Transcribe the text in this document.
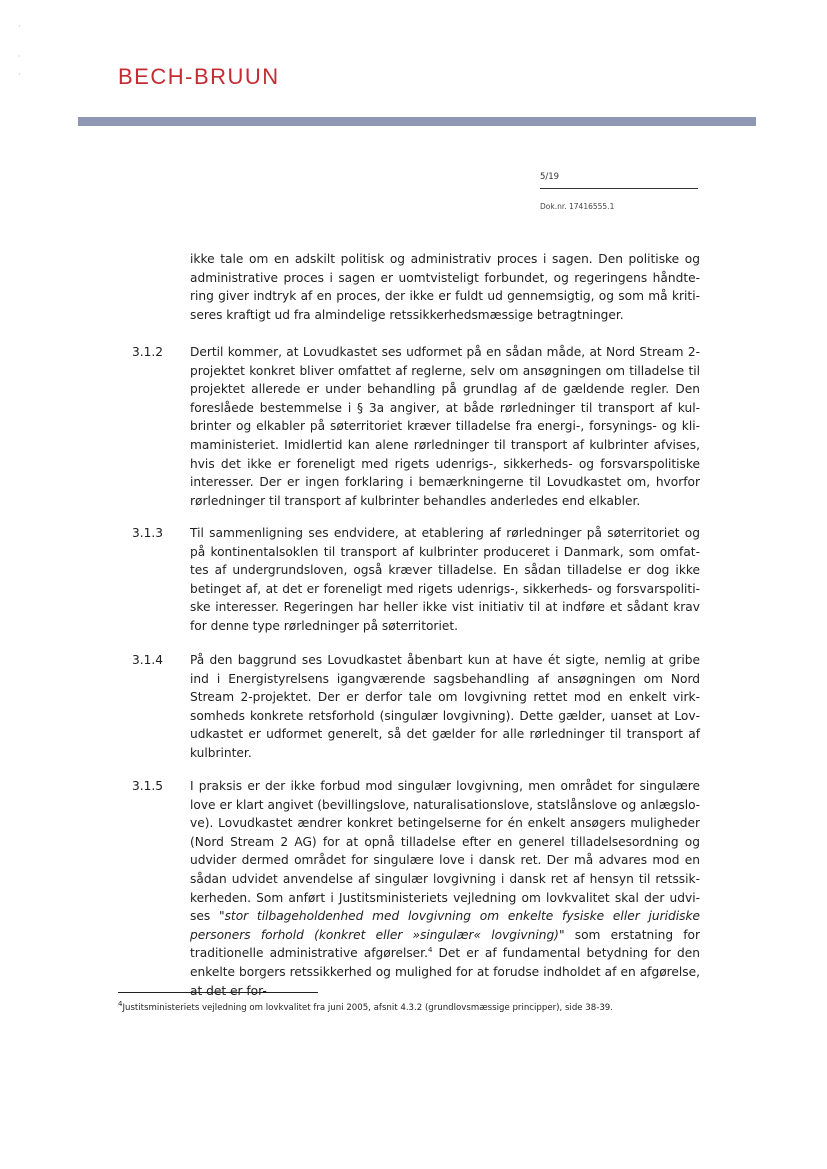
·
·
·	BECH-BRUUN
5/19
Dok.nr. 17416555.1

ikke tale om en adskilt politisk og administrativ proces i sagen. Den politiske og administrative proces i sagen er uomtvisteligt forbundet, og regeringens håndtering giver indtryk af en proces, der ikke er fuldt ud gennemsigtig, og som må kritiseres kraftigt ud fra almindelige retssikkerhedsmæssige betragtninger.

3.1.2 Dertil kommer, at Lovudkastet ses udformet på en sådan måde, at Nord Stream 2-projektet konkret bliver omfattet af reglerne, selv om ansøgningen om tilladelse til projektet allerede er under behandling på grundlag af de gældende regler. Den foreslåede bestemmelse i § 3a angiver, at både rørledninger til transport af kulbrinter og elkabler på søterritoriet kræver tilladelse fra energi-, forsynings- og klimaministeriet. Imidlertid kan alene rørledninger til transport af kulbrinter afvises, hvis det ikke er foreneligt med rigets udenrigs-, sikkerheds- og forsvarspolitiske interesser. Der er ingen forklaring i bemærkningerne til Lovudkastet om, hvorfor rørledninger til transport af kulbrinter behandles anderledes end elkabler.

3.1.3 Til sammenligning ses endvidere, at etablering af rørledninger på søterritoriet og på kontinentalsoklen til transport af kulbrinter produceret i Danmark, som omfattes af undergrundsloven, også kræver tilladelse. En sådan tilladelse er dog ikke betinget af, at det er foreneligt med rigets udenrigs-, sikkerheds- og forsvarspolitiske interesser. Regeringen har heller ikke vist initiativ til at indføre et sådant krav for denne type rørledninger på søterritoriet.

3.1.4 På den baggrund ses Lovudkastet åbenbart kun at have ét sigte, nemlig at gribe ind i Energistyrelsens igangværende sagsbehandling af ansøgningen om Nord Stream 2-projektet. Der er derfor tale om lovgivning rettet mod en enkelt virksomheds konkrete retsforhold (singulær lovgivning). Dette gælder, uanset at Lovudkastet er udformet generelt, så det gælder for alle rørledninger til transport af kulbrinter.

3.1.5 I praksis er der ikke forbud mod singulær lovgivning, men området for singulære love er klart angivet (bevillingslove, naturalisationslove, statslånslove og anlægslove). Lovudkastet ændrer konkret betingelserne for én enkelt ansøgers muligheder (Nord Stream 2 AG) for at opnå tilladelse efter en generel tilladelsesordning og udvider dermed området for singulære love i dansk ret. Der må advares mod en sådan udvidet anvendelse af singulær lovgivning i dansk ret af hensyn til retssikkerheden. Som anført i Justitsministeriets vejledning om lovkvalitet skal der udvises "stor tilbageholdenhed med lovgivning om enkelte fysiske eller juridiske personers forhold (konkret eller »singulær« lovgivning)" som erstatning for traditionelle administrative afgørelser.$^4$ Det er af fundamental betydning for den enkelte borgers retssikkerhed og mulighed for at forudse indholdet af en afgørelse, at det er for-

$^4$Justitsministeriets vejledning om lovkvalitet fra juni 2005, afsnit 4.3.2 (grundlovsmæssige principper), side 38-39.
